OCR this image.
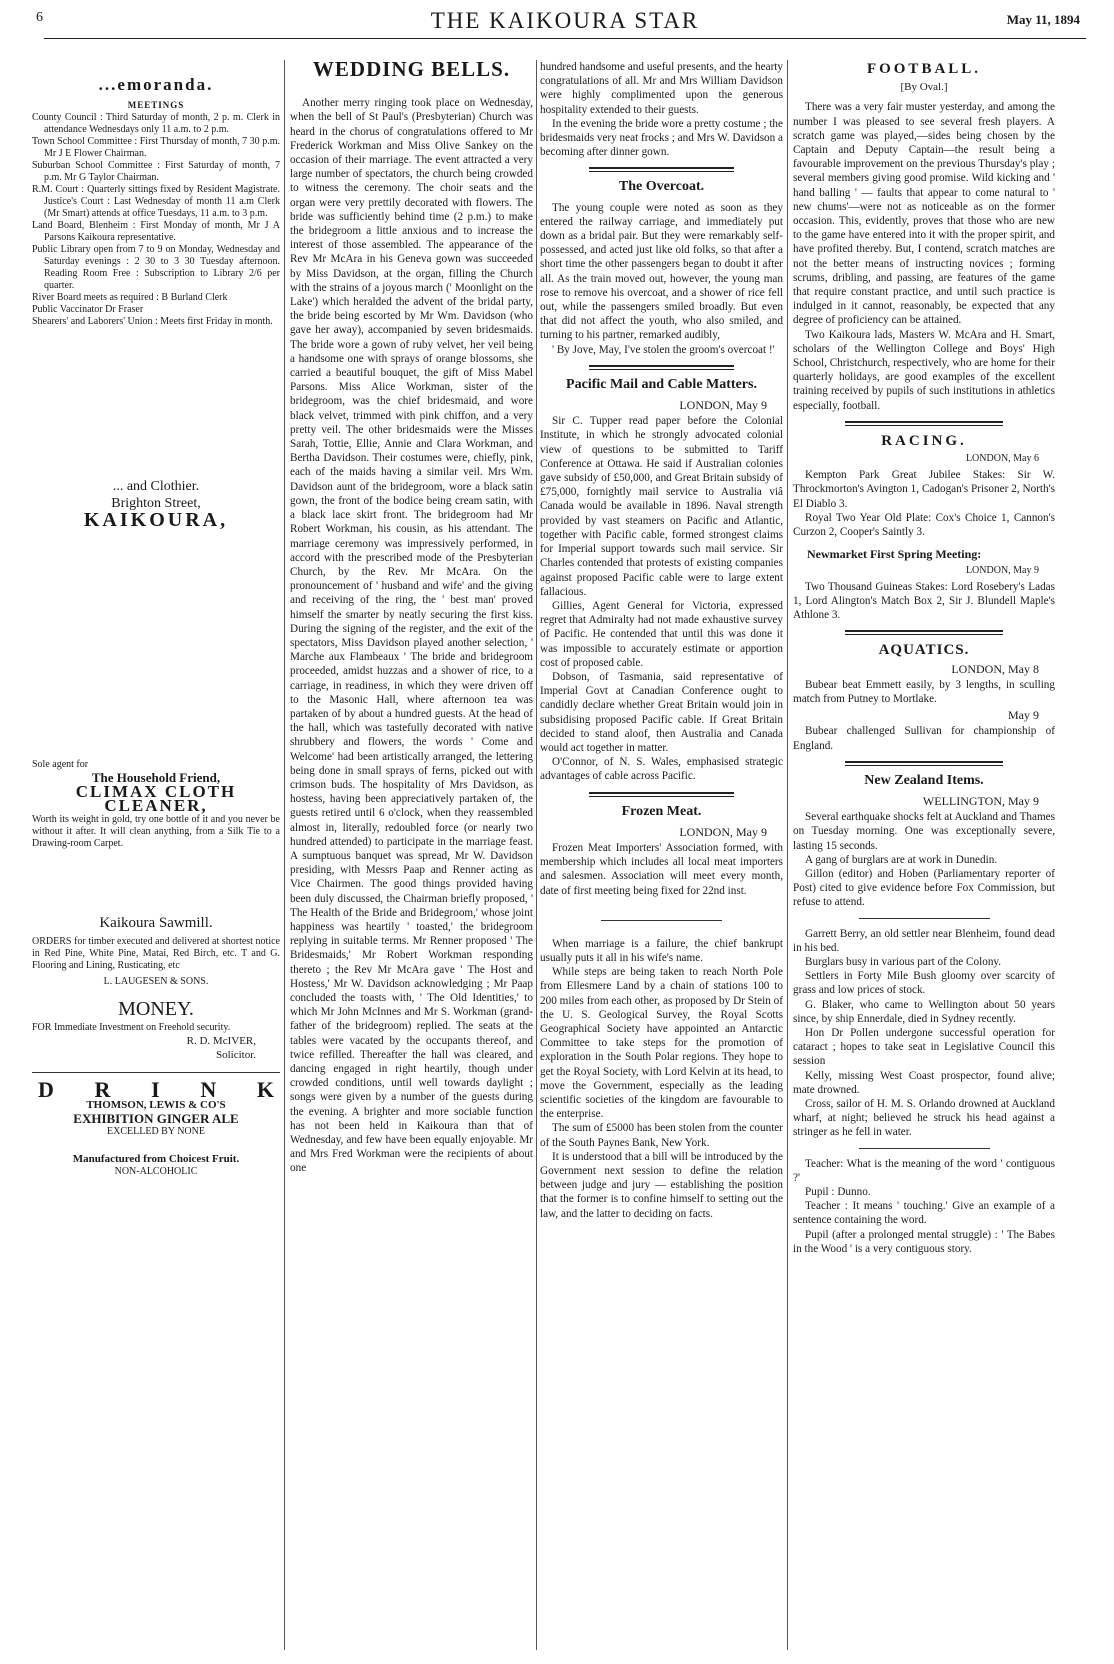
6	THE KAIKOURA STAR	May 11, 1894
...emoranda.
MEETINGS

County Council : Third Saturday of month, 2 p. m. Clerk in attendance Wednesdays only 11 a.m. to 2 p.m.

Town School Committee : First Thursday of month, 7 30 p.m. Mr J E Flower Chairman.

Suburban School Committee : First Saturday of month, 7 p.m. Mr G Taylor Chairman.

R.M. Court : Quarterly sittings fixed by Resident Magistrate. Justice's Court : Last Wednesday of month 11 a.m Clerk (Mr Smart) attends at office Tuesdays, 11 a.m. to 3 p.m.

Land Board, Blenheim : First Monday of month, Mr J A Parsons Kaikoura representative.

Public Library open from 7 to 9 on Monday, Wednesday and Saturday evenings : 2 30 to 3 30 Tuesday afternoon. Reading Room Free : Subscription to Library 2/6 per quarter.

River Board meets as required : B Burland Clerk

Public Vaccinator Dr Fraser

Shearers' and Laborers' Union : Meets first Friday in month.

... and Clothier.
Brighton Street,
KAIKOURA,

Sole agent for

The Household Friend,
CLIMAX CLOTH
CLEANER,

Worth its weight in gold, try one bottle of it and you never be without it after. It will clean anything, from a Silk Tie to a Drawing-room Carpet.

Kaikoura Sawmill.

ORDERS for timber executed and delivered at shortest notice in Red Pine, White Pine, Matai, Red Birch, etc. T and G. Flooring and Lining, Rusticating, etc

L. LAUGESEN & SONS.
MONEY.

FOR Immediate Investment on Freehold security.

R. D. McIVER,
Solicitor.
D R I N K
THOMSON, LEWIS & CO'S
EXHIBITION GINGER ALE
EXCELLED BY NONE
Manufactured from Choicest Fruit.
NON-ALCOHOLIC
WEDDING BELLS.

Another merry ringing took place on Wednesday, when the bell of St Paul's (Presbyterian) Church was heard in the chorus of congratulations offered to Mr Frederick Workman and Miss Olive Sankey on the occasion of their marriage. The event attracted a very large number of spectators, the church being crowded to witness the ceremony. The choir seats and the organ were very prettily decorated with flowers. The bride was sufficiently behind time (2 p.m.) to make the bridegroom a little anxious and to increase the interest of those assembled. The appearance of the Rev Mr McAra in his Geneva gown was succeeded by Miss Davidson, at the organ, filling the Church with the strains of a joyous march (' Moonlight on the Lake') which heralded the advent of the bridal party, the bride being escorted by Mr Wm. Davidson (who gave her away), accompanied by seven bridesmaids. The bride wore a gown of ruby velvet, her veil being a handsome one with sprays of orange blossoms, she carried a beautiful bouquet, the gift of Miss Mabel Parsons. Miss Alice Workman, sister of the bridegroom, was the chief bridesmaid, and wore black velvet, trimmed with pink chiffon, and a very pretty veil. The other bridesmaids were the Misses Sarah, Tottie, Ellie, Annie and Clara Workman, and Bertha Davidson. Their costumes were, chiefly, pink, each of the maids having a similar veil. Mrs Wm. Davidson aunt of the bridegroom, wore a black satin gown, the front of the bodice being cream satin, with a black lace skirt front. The bridegroom had Mr Robert Workman, his cousin, as his attendant. The marriage ceremony was impressively performed, in accord with the prescribed mode of the Presbyterian Church, by the Rev. Mr McAra. On the pronouncement of ' husband and wife' and the giving and receiving of the ring, the ' best man' proved himself the smarter by neatly securing the first kiss. During the signing of the register, and the exit of the spectators, Miss Davidson played another selection, ' Marche aux Flambeaux ' The bride and bridegroom proceeded, amidst huzzas and a shower of rice, to a carriage, in readiness, in which they were driven off to the Masonic Hall, where afternoon tea was partaken of by about a hundred guests. At the head of the hall, which was tastefully decorated with native shrubbery and flowers, the words ' Come and Welcome' had been artistically arranged, the lettering being done in small sprays of ferns, picked out with crimson buds. The hospitality of Mrs Davidson, as hostess, having been appreciatively partaken of, the guests retired until 6 o'clock, when they reassembled almost in, literally, redoubled force (or nearly two hundred attended) to participate in the marriage feast. A sumptuous banquet was spread, Mr W. Davidson presiding, with Messrs Paap and Renner acting as Vice Chairmen. The good things provided having been duly discussed, the Chairman briefly proposed, ' The Health of the Bride and Bridegroom,' whose joint happiness was heartily ' toasted,' the bridegroom replying in suitable terms. Mr Renner proposed ' The Bridesmaids,' Mr Robert Workman responding thereto ; the Rev Mr McAra gave ' The Host and Hostess,' Mr W. Davidson acknowledging ; Mr Paap concluded the toasts with, ' The Old Identities,' to which Mr John McInnes and Mr S. Workman (grand-father of the bridegroom) replied. The seats at the tables were vacated by the occupants thereof, and twice refilled. Thereafter the hall was cleared, and dancing engaged in right heartily, though under crowded conditions, until well towards daylight ; songs were given by a number of the guests during the evening. A brighter and more sociable function has not been held in Kaikoura than that of Wednesday, and few have been equally enjoyable. Mr and Mrs Fred Workman were the recipients of about one

hundred handsome and useful presents, and the hearty congratulations of all. Mr and Mrs William Davidson were highly complimented upon the generous hospitality extended to their guests.

In the evening the bride wore a pretty costume ; the bridesmaids very neat frocks ; and Mrs W. Davidson a becoming after dinner gown.

The Overcoat.

The young couple were noted as soon as they entered the railway carriage, and immediately put down as a bridal pair. But they were remarkably self-possessed, and acted just like old folks, so that after a short time the other passengers began to doubt it after all. As the train moved out, however, the young man rose to remove his overcoat, and a shower of rice fell out, while the passengers smiled broadly. But even that did not affect the youth, who also smiled, and turning to his partner, remarked audibly,

' By Jove, May, I've stolen the groom's overcoat !'

Pacific Mail and Cable Matters.
LONDON, May 9

Sir C. Tupper read paper before the Colonial Institute, in which he strongly advocated colonial view of questions to be submitted to Tariff Conference at Ottawa. He said if Australian colonies gave subsidy of £50,000, and Great Britain subsidy of £75,000, fornightly mail service to Australia viâ Canada would be available in 1896. Naval strength provided by vast steamers on Pacific and Atlantic, together with Pacific cable, formed strongest claims for Imperial support towards such mail service. Sir Charles contended that protests of existing companies against proposed Pacific cable were to large extent fallacious.

Gillies, Agent General for Victoria, expressed regret that Admiralty had not made exhaustive survey of Pacific. He contended that until this was done it was impossible to accurately estimate or apportion cost of proposed cable.

Dobson, of Tasmania, said representative of Imperial Govt at Canadian Conference ought to candidly declare whether Great Britain would join in subsidising proposed Pacific cable. If Great Britain decided to stand aloof, then Australia and Canada would act together in matter.

O'Connor, of N. S. Wales, emphasised strategic advantages of cable across Pacific.

Frozen Meat.
LONDON, May 9

Frozen Meat Importers' Association formed, with membership which includes all local meat importers and salesmen. Association will meet every month, date of first meeting being fixed for 22nd inst.

When marriage is a failure, the chief bankrupt usually puts it all in his wife's name.

While steps are being taken to reach North Pole from Ellesmere Land by a chain of stations 100 to 200 miles from each other, as proposed by Dr Stein of the U. S. Geological Survey, the Royal Scotts Geographical Society have appointed an Antarctic Committee to take steps for the promotion of exploration in the South Polar regions. They hope to get the Royal Society, with Lord Kelvin at its head, to move the Government, especially as the leading scientific societies of the kingdom are favourable to the enterprise.

The sum of £5000 has been stolen from the counter of the South Paynes Bank, New York.

It is understood that a bill will be introduced by the Government next session to define the relation between judge and jury — establishing the position that the former is to confine himself to setting out the law, and the latter to deciding on facts.

FOOTBALL.
[By Oval.]

There was a very fair muster yesterday, and among the number I was pleased to see several fresh players. A scratch game was played,—sides being chosen by the Captain and Deputy Captain—the result being a favourable improvement on the previous Thursday's play ; several members giving good promise. Wild kicking and ' hand balling ' — faults that appear to come natural to ' new chums'—were not as noticeable as on the former occasion. This, evidently, proves that those who are new to the game have entered into it with the proper spirit, and have profited thereby. But, I contend, scratch matches are not the better means of instructing novices ; forming scrums, dribling, and passing, are features of the game that require constant practice, and until such practice is indulged in it cannot, reasonably, be expected that any degree of proficiency can be attained.

Two Kaikoura lads, Masters W. McAra and H. Smart, scholars of the Wellington College and Boys' High School, Christchurch, respectively, who are home for their quarterly holidays, are good examples of the excellent training received by pupils of such institutions in athletics especially, football.

RACING.
LONDON, May 6

Kempton Park Great Jubilee Stakes: Sir W. Throckmorton's Avington 1, Cadogan's Prisoner 2, North's El Diablo 3.

Royal Two Year Old Plate: Cox's Choice 1, Cannon's Curzon 2, Cooper's Saintly 3.

Newmarket First Spring Meeting:
LONDON, May 9

Two Thousand Guineas Stakes: Lord Rosebery's Ladas 1, Lord Alington's Match Box 2, Sir J. Blundell Maple's Athlone 3.

AQUATICS.
LONDON, May 8

Bubear beat Emmett easily, by 3 lengths, in sculling match from Putney to Mortlake.

May 9

Bubear challenged Sullivan for championship of England.

New Zealand Items.
WELLINGTON, May 9

Several earthquake shocks felt at Auckland and Thames on Tuesday morning. One was exceptionally severe, lasting 15 seconds.

A gang of burglars are at work in Dunedin.

Gillon (editor) and Hoben (Parliamentary reporter of Post) cited to give evidence before Fox Commission, but refuse to attend.

Garrett Berry, an old settler near Blenheim, found dead in his bed.

Burglars busy in various part of the Colony.

Settlers in Forty Mile Bush gloomy over scarcity of grass and low prices of stock.

G. Blaker, who came to Wellington about 50 years since, by ship Ennerdale, died in Sydney recently.

Hon Dr Pollen undergone successful operation for cataract ; hopes to take seat in Legislative Council this session

Kelly, missing West Coast prospector, found alive; mate drowned.

Cross, sailor of H. M. S. Orlando drowned at Auckland wharf, at night; believed he struck his head against a stringer as he fell in water.

Teacher: What is the meaning of the word ' contiguous ?'

Pupil : Dunno.

Teacher : It means ' touching.' Give an example of a sentence containing the word.

Pupil (after a prolonged mental struggle) : ' The Babes in the Wood ' is a very contiguous story.
